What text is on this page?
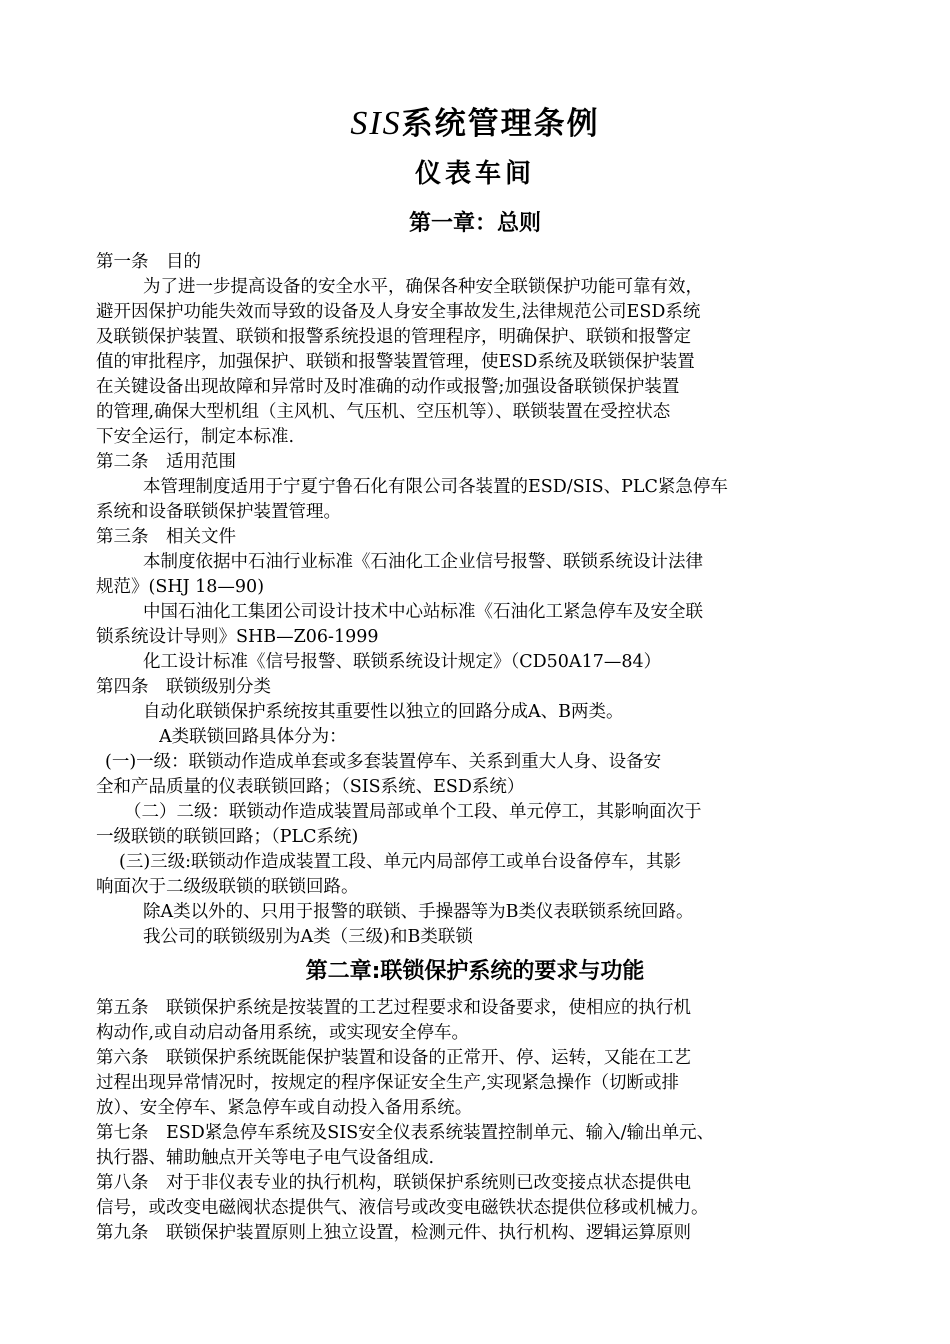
SIS系统管理条例
仪表车间
第一章：总则
第一条　目的
为了进一步提高设备的安全水平，确保各种安全联锁保护功能可靠有效，
避开因保护功能失效而导致的设备及人身安全事故发生,法律规范公司ESD系统
及联锁保护装置、联锁和报警系统投退的管理程序，明确保护、联锁和报警定
值的审批程序，加强保护、联锁和报警装置管理，使ESD系统及联锁保护装置
在关键设备出现故障和异常时及时准确的动作或报警;加强设备联锁保护装置
的管理,确保大型机组（主风机、气压机、空压机等）、联锁装置在受控状态
下安全运行，制定本标准.
第二条　适用范围
本管理制度适用于宁夏宁鲁石化有限公司各装置的ESD/SIS、PLC紧急停车
系统和设备联锁保护装置管理。
第三条　相关文件
本制度依据中石油行业标准《石油化工企业信号报警、联锁系统设计法律
规范》(SHJ 18—90)
中国石油化工集团公司设计技术中心站标准《石油化工紧急停车及安全联
锁系统设计导则》SHB—Z06-1999
化工设计标准《信号报警、联锁系统设计规定》（CD50A17—84）
第四条　联锁级别分类
自动化联锁保护系统按其重要性以独立的回路分成A、B两类。
A类联锁回路具体分为：
(一)一级：联锁动作造成单套或多套装置停车、关系到重大人身、设备安
全和产品质量的仪表联锁回路；（SIS系统、ESD系统）
（二）二级：联锁动作造成装置局部或单个工段、单元停工，其影响面次于
一级联锁的联锁回路；（PLC系统)
(三)三级:联锁动作造成装置工段、单元内局部停工或单台设备停车，其影
响面次于二级级联锁的联锁回路。
除A类以外的、只用于报警的联锁、手操器等为B类仪表联锁系统回路。
我公司的联锁级别为A类（三级)和B类联锁
第二章:联锁保护系统的要求与功能
第五条　联锁保护系统是按装置的工艺过程要求和设备要求，使相应的执行机
构动作,或自动启动备用系统，或实现安全停车。
第六条　联锁保护系统既能保护装置和设备的正常开、停、运转，又能在工艺
过程出现异常情况时，按规定的程序保证安全生产,实现紧急操作（切断或排
放）、安全停车、紧急停车或自动投入备用系统。
第七条　ESD紧急停车系统及SIS安全仪表系统装置控制单元、输入/输出单元、
执行器、辅助触点开关等电子电气设备组成.
第八条　对于非仪表专业的执行机构，联锁保护系统则已改变接点状态提供电
信号，或改变电磁阀状态提供气、液信号或改变电磁铁状态提供位移或机械力。
第九条　联锁保护装置原则上独立设置，检测元件、执行机构、逻辑运算原则
